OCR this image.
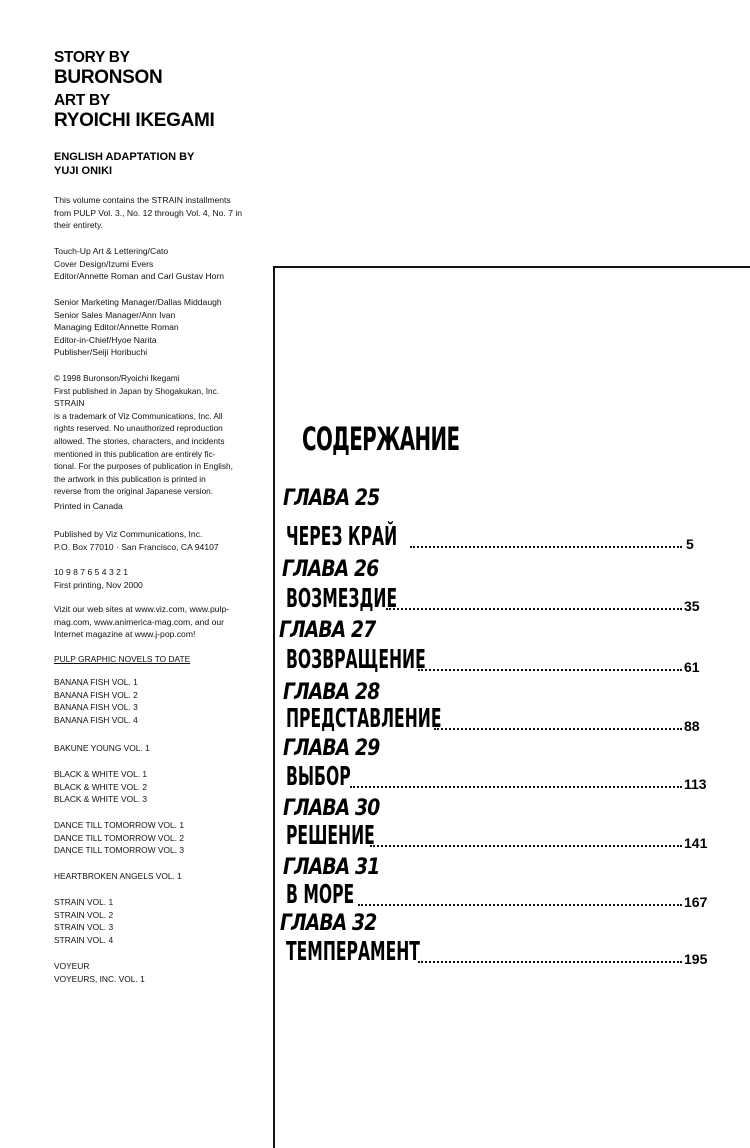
STORY BY
BURONSON
ART BY
RYOICHI IKEGAMI
ENGLISH ADAPTATION BY
YUJI ONIKI

This volume contains the STRAIN installments

from PULP Vol. 3., No. 12 through Vol. 4, No. 7 in

their entirety.

Touch-Up Art & Lettering/Cato

Cover Design/Izumi Evers

Editor/Annette Roman and Carl Gustav Horn

Senior Marketing Manager/Dallas Middaugh

Senior Sales Manager/Ann Ivan

Managing Editor/Annette Roman

Editor-in-Chief/Hyoe Narita

Publisher/Seiji Horibuchi

© 1998 Buronson/Ryoichi Ikegami

First published in Japan by Shogakukan, Inc. STRAIN

is a trademark of Viz Communications, Inc. All

rights reserved. No unauthorized reproduction

allowed. The stories, characters, and incidents

mentioned in this publication are entirely fic-

tional. For the purposes of publication in English,

the artwork in this publication is printed in

reverse from the original Japanese version.

Printed in Canada

Published by Viz Communications, Inc.

P.O. Box 77010 · San Francisco, CA 94107

10 9 8 7 6 5 4 3 2 1

First printing, Nov 2000

Vizit our web sites at www.viz.com, www.pulp-

mag.com, www.animerica-mag.com, and our

Internet magazine at www.j-pop.com!

PULP GRAPHIC NOVELS TO DATE

BANANA FISH VOL. 1

BANANA FISH VOL. 2

BANANA FISH VOL. 3

BANANA FISH VOL. 4

BAKUNE YOUNG VOL. 1

BLACK & WHITE VOL. 1

BLACK & WHITE VOL. 2

BLACK & WHITE VOL. 3

DANCE TILL TOMORROW VOL. 1

DANCE TILL TOMORROW VOL. 2

DANCE TILL TOMORROW VOL. 3

HEARTBROKEN ANGELS VOL. 1

STRAIN VOL. 1

STRAIN VOL. 2

STRAIN VOL. 3

STRAIN VOL. 4

VOYEUR

VOYEURS, INC. VOL. 1

СОДЕРЖАНИЕ
ГЛАВА 25
ЧЕРЕЗ КРАЙ	5
ГЛАВА 26
ВОЗМЕЗДИЕ	35
ГЛАВА 27
ВОЗВРАЩЕНИЕ	61
ГЛАВА 28
ПРЕДСТАВЛЕНИЕ	88
ГЛАВА 29
ВЫБОР	113
ГЛАВА 30
РЕШЕНИЕ	141
ГЛАВА 31
В МОРЕ	167
ГЛАВА 32
ТЕМПЕРАМЕНТ	195
